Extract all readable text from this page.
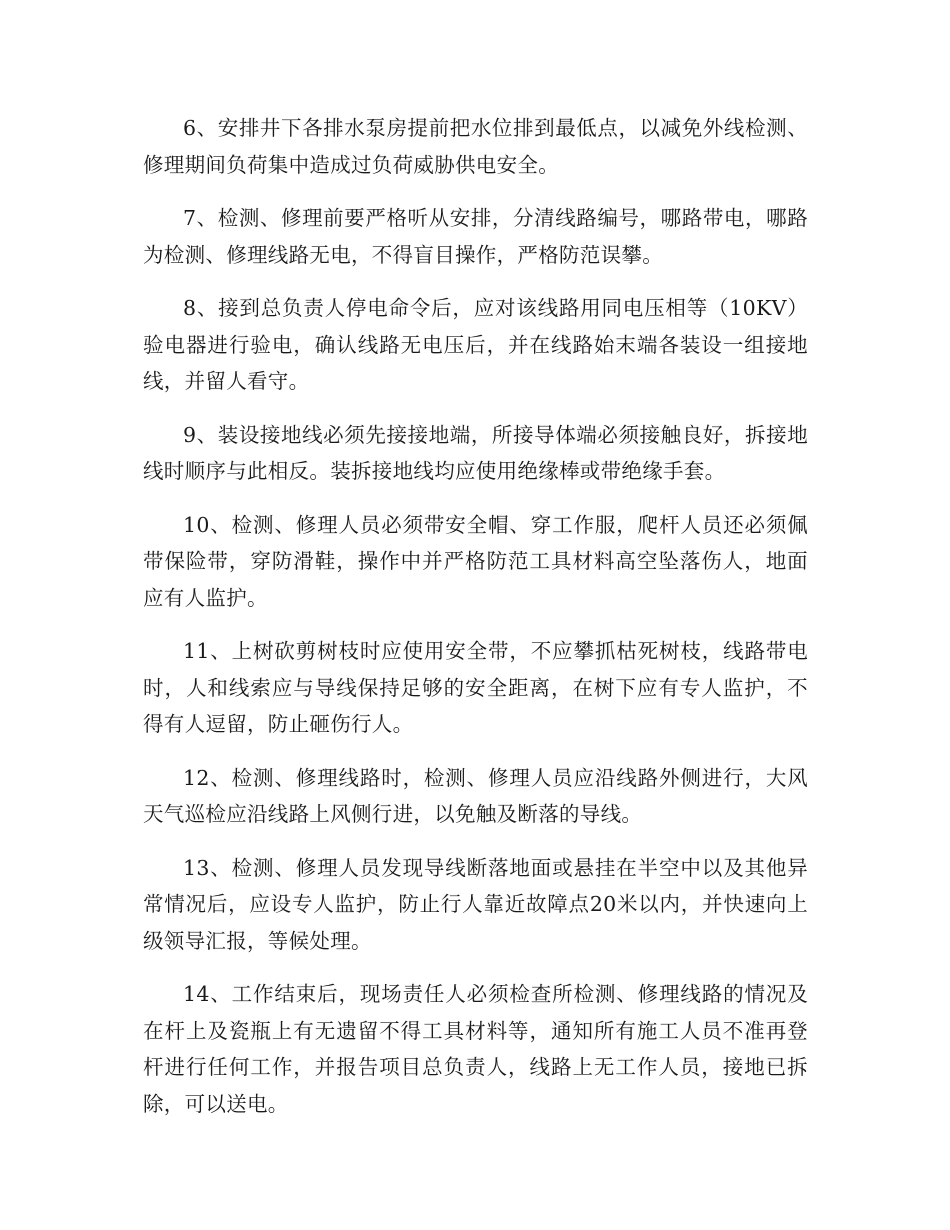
6、安排井下各排水泵房提前把水位排到最低点，以减免外线检测、修理期间负荷集中造成过负荷威胁供电安全。

7、检测、修理前要严格听从安排，分清线路编号，哪路带电，哪路为检测、修理线路无电，不得盲目操作，严格防范误攀。

8、接到总负责人停电命令后，应对该线路用同电压相等（10KV）验电器进行验电，确认线路无电压后，并在线路始末端各装设一组接地线，并留人看守。

9、装设接地线必须先接接地端，所接导体端必须接触良好，拆接地线时顺序与此相反。装拆接地线均应使用绝缘棒或带绝缘手套。

10、检测、修理人员必须带安全帽、穿工作服，爬杆人员还必须佩带保险带，穿防滑鞋，操作中并严格防范工具材料高空坠落伤人，地面应有人监护。

11、上树砍剪树枝时应使用安全带，不应攀抓枯死树枝，线路带电时，人和线索应与导线保持足够的安全距离，在树下应有专人监护，不得有人逗留，防止砸伤行人。

12、检测、修理线路时，检测、修理人员应沿线路外侧进行，大风天气巡检应沿线路上风侧行进，以免触及断落的导线。

13、检测、修理人员发现导线断落地面或悬挂在半空中以及其他异常情况后，应设专人监护，防止行人靠近故障点20米以内，并快速向上级领导汇报，等候处理。

14、工作结束后，现场责任人必须检查所检测、修理线路的情况及在杆上及瓷瓶上有无遗留不得工具材料等，通知所有施工人员不准再登杆进行任何工作，并报告项目总负责人，线路上无工作人员，接地已拆除，可以送电。
